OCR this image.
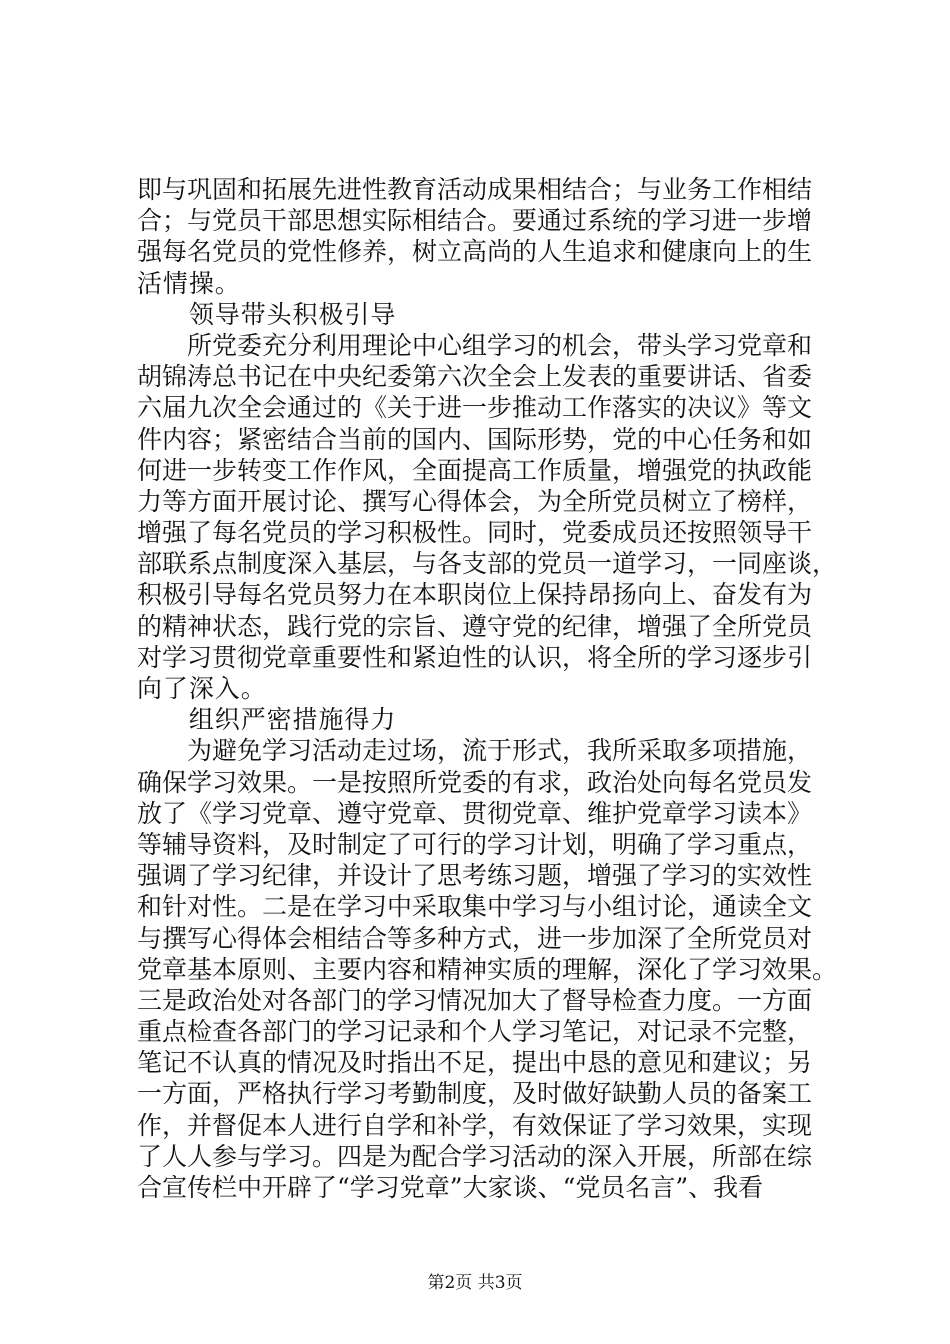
即与巩固和拓展先进性教育活动成果相结合；与业务工作相结
合；与党员干部思想实际相结合。要通过系统的学习进一步增
强每名党员的党性修养，树立高尚的人生追求和健康向上的生
活情操。
　　领导带头积极引导
　　所党委充分利用理论中心组学习的机会，带头学习党章和
胡锦涛总书记在中央纪委第六次全会上发表的重要讲话、省委
六届九次全会通过的《关于进一步推动工作落实的决议》等文
件内容；紧密结合当前的国内、国际形势，党的中心任务和如
何进一步转变工作作风，全面提高工作质量，增强党的执政能
力等方面开展讨论、撰写心得体会，为全所党员树立了榜样，
增强了每名党员的学习积极性。同时，党委成员还按照领导干
部联系点制度深入基层，与各支部的党员一道学习，一同座谈，
积极引导每名党员努力在本职岗位上保持昂扬向上、奋发有为
的精神状态，践行党的宗旨、遵守党的纪律，增强了全所党员
对学习贯彻党章重要性和紧迫性的认识，将全所的学习逐步引
向了深入。
　　组织严密措施得力
　　为避免学习活动走过场，流于形式，我所采取多项措施，
确保学习效果。一是按照所党委的有求，政治处向每名党员发
放了《学习党章、遵守党章、贯彻党章、维护党章学习读本》
等辅导资料，及时制定了可行的学习计划，明确了学习重点，
强调了学习纪律，并设计了思考练习题，增强了学习的实效性
和针对性。二是在学习中采取集中学习与小组讨论，通读全文
与撰写心得体会相结合等多种方式，进一步加深了全所党员对
党章基本原则、主要内容和精神实质的理解，深化了学习效果。
三是政治处对各部门的学习情况加大了督导检查力度。一方面
重点检查各部门的学习记录和个人学习笔记，对记录不完整，
笔记不认真的情况及时指出不足，提出中恳的意见和建议；另
一方面，严格执行学习考勤制度，及时做好缺勤人员的备案工
作，并督促本人进行自学和补学，有效保证了学习效果，实现
了人人参与学习。四是为配合学习活动的深入开展，所部在综
合宣传栏中开辟了“学习党章”大家谈、“党员名言”、我看
第2页 共3页
